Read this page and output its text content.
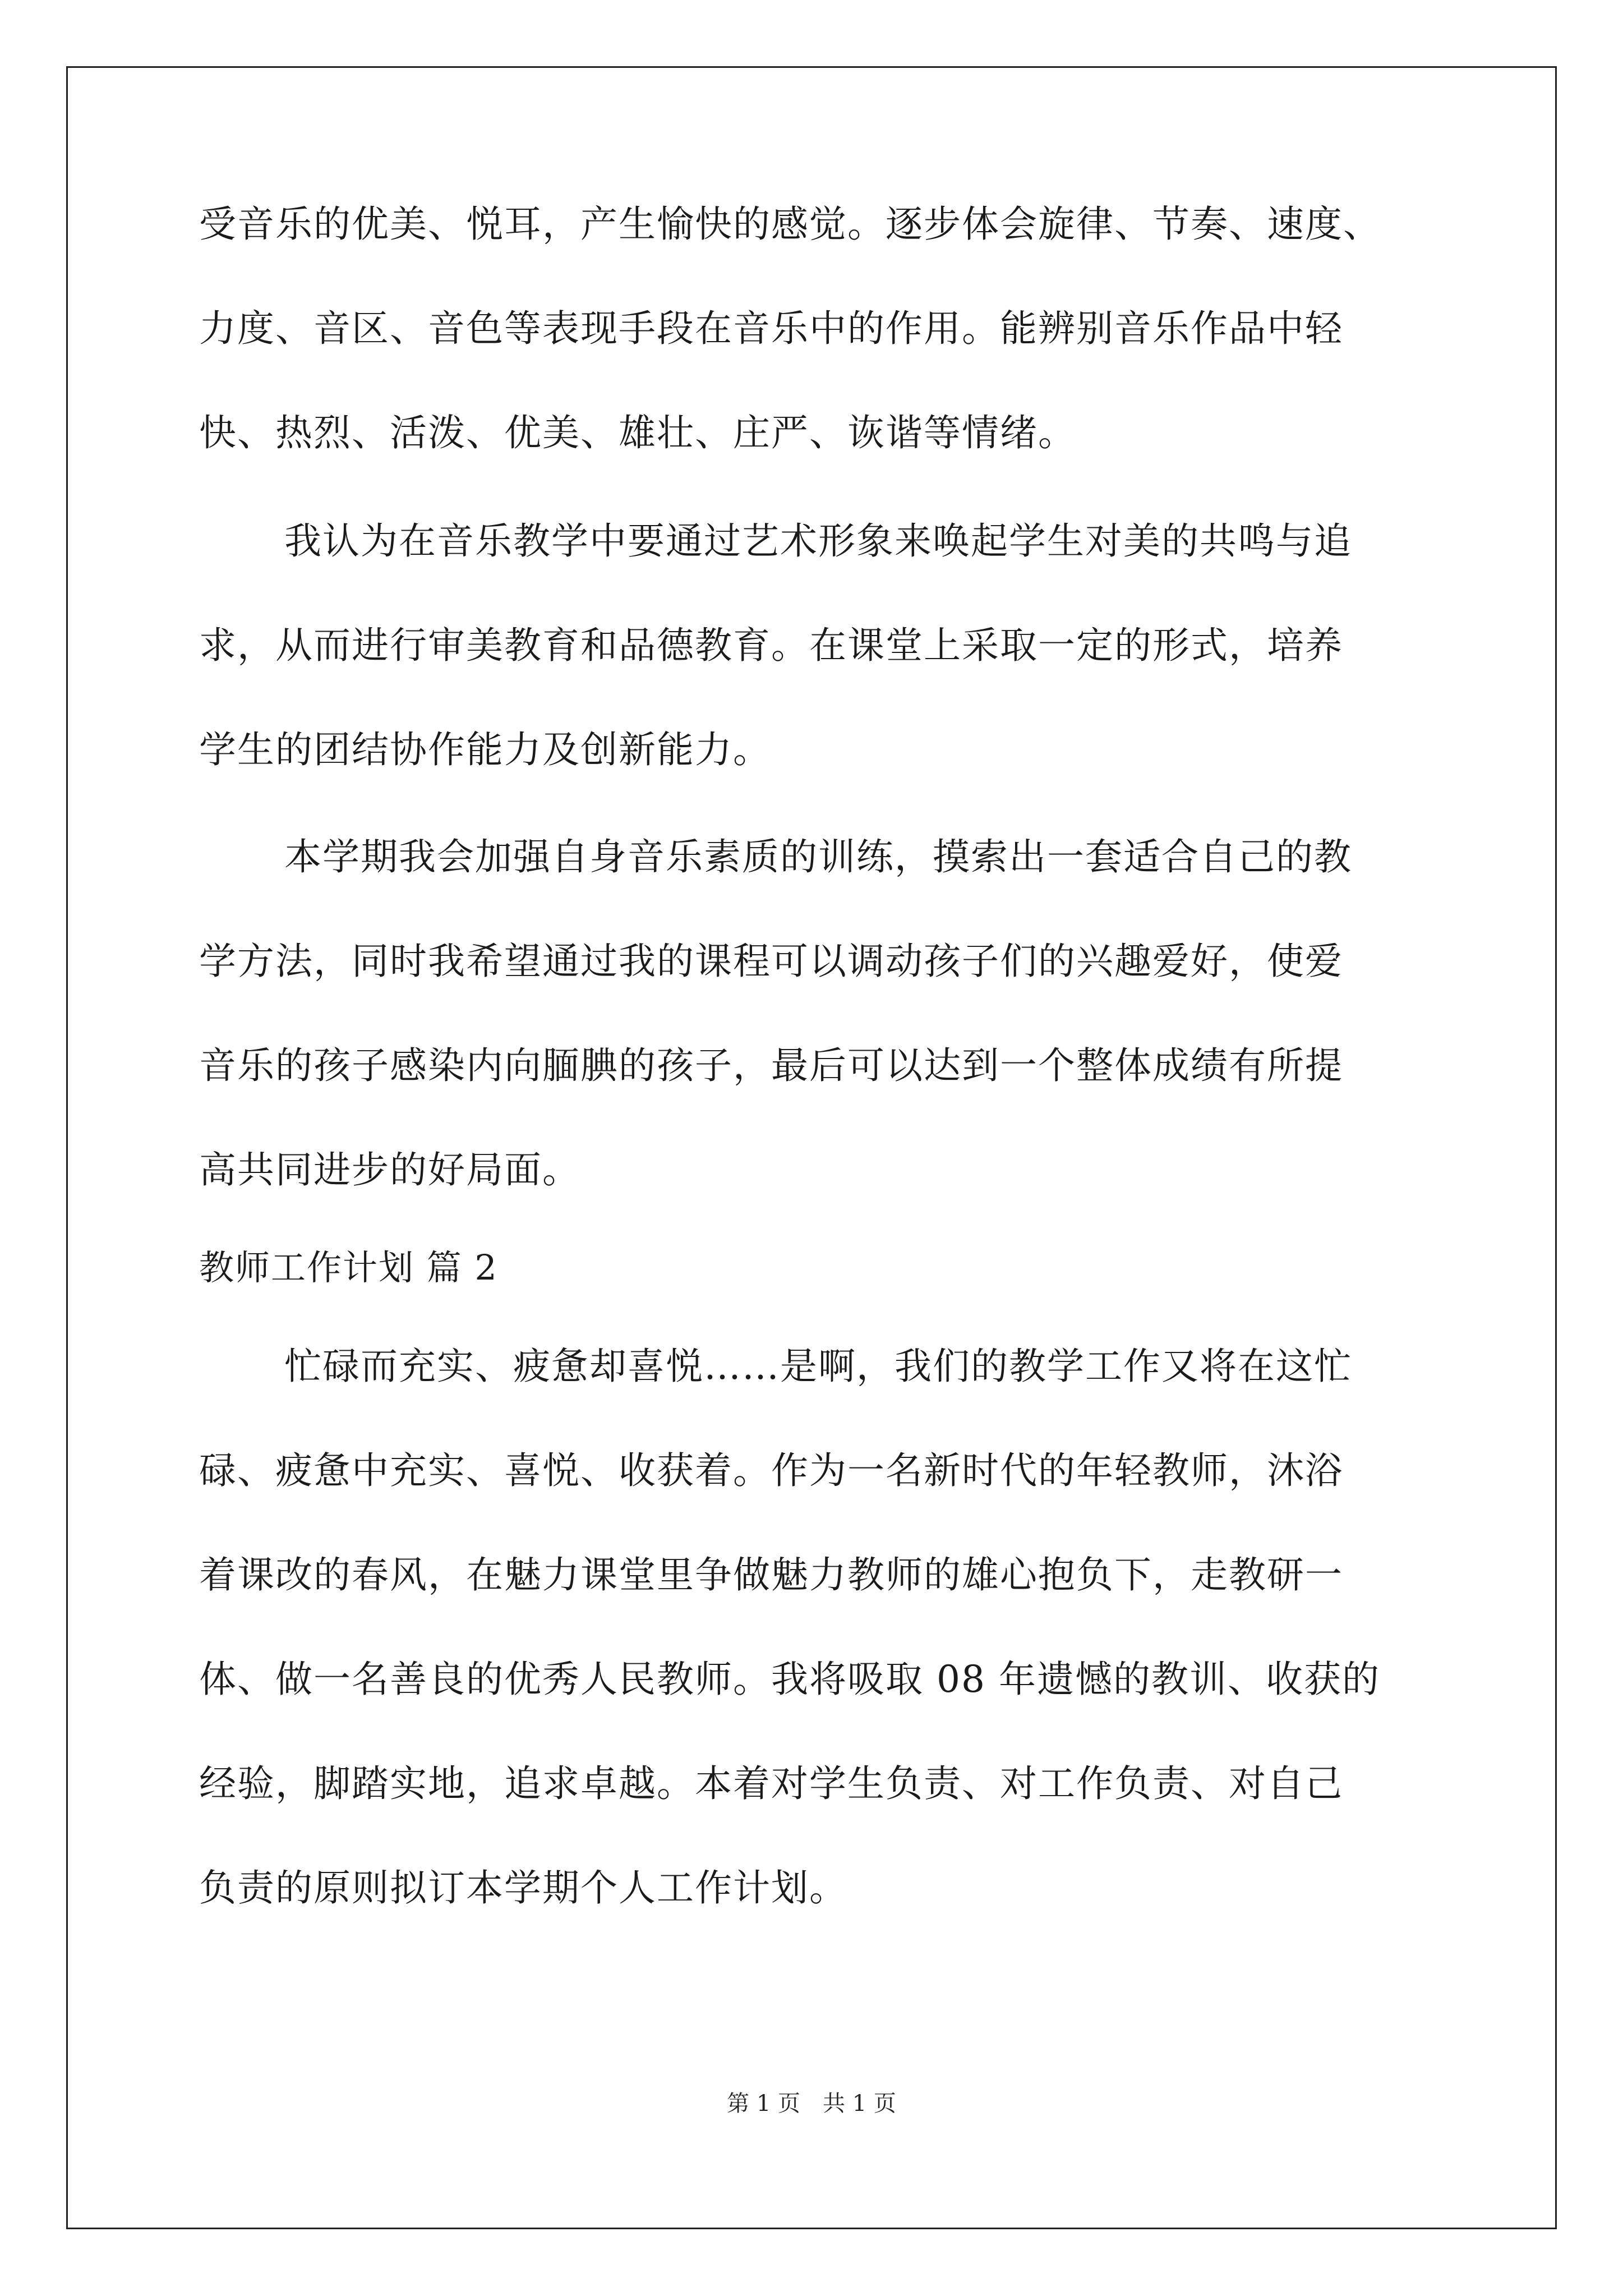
受音乐的优美、悦耳，产生愉快的感觉。逐步体会旋律、节奏、速度、
力度、音区、音色等表现手段在音乐中的作用。能辨别音乐作品中轻
快、热烈、活泼、优美、雄壮、庄严、诙谐等情绪。
我认为在音乐教学中要通过艺术形象来唤起学生对美的共鸣与追
求，从而进行审美教育和品德教育。在课堂上采取一定的形式，培养
学生的团结协作能力及创新能力。
本学期我会加强自身音乐素质的训练，摸索出一套适合自己的教
学方法，同时我希望通过我的课程可以调动孩子们的兴趣爱好，使爱
音乐的孩子感染内向腼腆的孩子，最后可以达到一个整体成绩有所提
高共同进步的好局面。
教师工作计划 篇 2
忙碌而充实、疲惫却喜悦……是啊，我们的教学工作又将在这忙
碌、疲惫中充实、喜悦、收获着。作为一名新时代的年轻教师，沐浴
着课改的春风，在魅力课堂里争做魅力教师的雄心抱负下，走教研一
体、做一名善良的优秀人民教师。我将吸取 08 年遗憾的教训、收获的
经验，脚踏实地，追求卓越。本着对学生负责、对工作负责、对自己
负责的原则拟订本学期个人工作计划。
第 1 页 共 1 页
